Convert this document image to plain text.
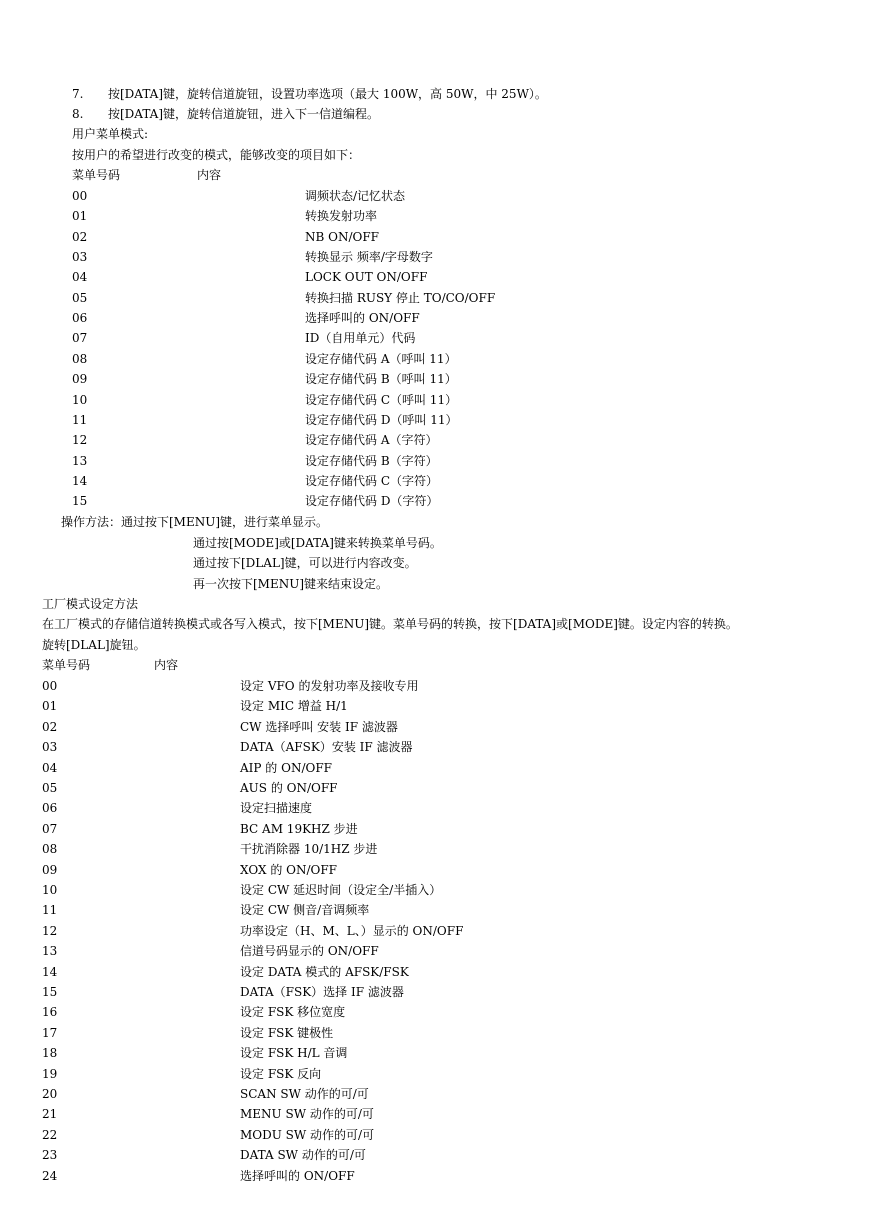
7. 按[DATA]键，旋转信道旋钮，设置功率选项（最大 100W，高 50W，中 25W）。
8. 按[DATA]键，旋转信道旋钮，进入下一信道编程。
用户菜单模式:
按用户的希望进行改变的模式，能够改变的项目如下：
菜单号码	内容
00	调频状态/记忆状态
01	转换发射功率
02	NB ON/OFF
03	转换显示 频率/字母数字
04	LOCK OUT ON/OFF
05	转换扫描 RUSY 停止 TO/CO/OFF
06	选择呼叫的 ON/OFF
07	ID（自用单元）代码
08	设定存储代码 A（呼叫 11）
09	设定存储代码 B（呼叫 11）
10	设定存储代码 C（呼叫 11）
11	设定存储代码 D（呼叫 11）
12	设定存储代码 A（字符）
13	设定存储代码 B（字符）
14	设定存储代码 C（字符）
15	设定存储代码 D（字符）
操作方法：通过按下[MENU]键，进行菜单显示。
通过按[MODE]或[DATA]键来转换菜单号码。
通过按下[DLAL]键，可以进行内容改变。
再一次按下[MENU]键来结束设定。
工厂模式设定方法
在工厂模式的存储信道转换模式或各写入模式，按下[MENU]键。菜单号码的转换，按下[DATA]或[MODE]键。设定内容的转换。
旋转[DLAL]旋钮。
菜单号码	内容
00	设定 VFO 的发射功率及接收专用
01	设定 MIC 增益 H/1
02	CW 选择呼叫 安装 IF 滤波器
03	DATA（AFSK）安装 IF 滤波器
04	AIP 的 ON/OFF
05	AUS 的 ON/OFF
06	设定扫描速度
07	BC AM 19KHZ 步进
08	干扰消除器 10/1HZ 步进
09	XOX 的 ON/OFF
10	设定 CW 延迟时间（设定全/半插入）
11	设定 CW 侧音/音调频率
12	功率设定（H、M、L、）显示的 ON/OFF
13	信道号码显示的 ON/OFF
14	设定 DATA 模式的 AFSK/FSK
15	DATA（FSK）选择 IF 滤波器
16	设定 FSK 移位宽度
17	设定 FSK 键极性
18	设定 FSK H/L 音调
19	设定 FSK 反向
20	SCAN SW 动作的可/可
21	MENU SW 动作的可/可
22	MODU SW 动作的可/可
23	DATA SW 动作的可/可
24	选择呼叫的 ON/OFF
